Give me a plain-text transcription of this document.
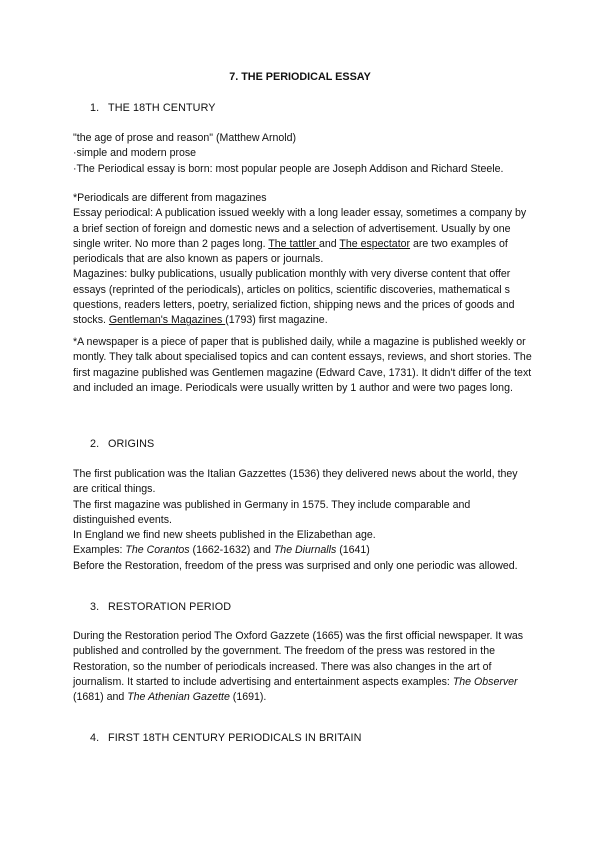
7. THE PERIODICAL ESSAY
1. THE 18TH CENTURY

"the age of prose and reason" (Matthew Arnold)

·simple and modern prose

·The Periodical essay is born: most popular people are Joseph Addison and Richard Steele.

*Periodicals are different from magazines

Essay periodical: A publication issued weekly with a long leader essay, sometimes a company by a brief section of foreign and domestic news and a selection of advertisement. Usually by one single writer. No more than 2 pages long. The tattler and The espectator are two examples of periodicals that are also known as papers or journals.

Magazines: bulky publications, usually publication monthly with very diverse content that offer essays (reprinted of the periodicals), articles on politics, scientific discoveries, mathematical s questions, readers letters, poetry, serialized fiction, shipping news and the prices of goods and stocks. Gentleman's Magazines (1793) first magazine.

*A newspaper is a piece of paper that is published daily, while a magazine is published weekly or montly. They talk about specialised topics and can content essays, reviews, and short stories. The first magazine published was Gentlemen magazine (Edward Cave, 1731). It didn't differ of the text and included an image. Periodicals were usually written by 1 author and were two pages long.

2. ORIGINS

The first publication was the Italian Gazzettes (1536) they delivered news about the world, they are critical things.

The first magazine was published in Germany in 1575. They include comparable and distinguished events.

In England we find new sheets published in the Elizabethan age.

Examples: The Corantos (1662-1632) and The Diurnalls (1641)

Before the Restoration, freedom of the press was surprised and only one periodic was allowed.

3. RESTORATION PERIOD

During the Restoration period The Oxford Gazzete (1665) was the first official newspaper. It was published and controlled by the government. The freedom of the press was restored in the Restoration, so the number of periodicals increased. There was also changes in the art of journalism. It started to include advertising and entertainment aspects examples: The Observer (1681) and The Athenian Gazette (1691).

4. FIRST 18TH CENTURY PERIODICALS IN BRITAIN
